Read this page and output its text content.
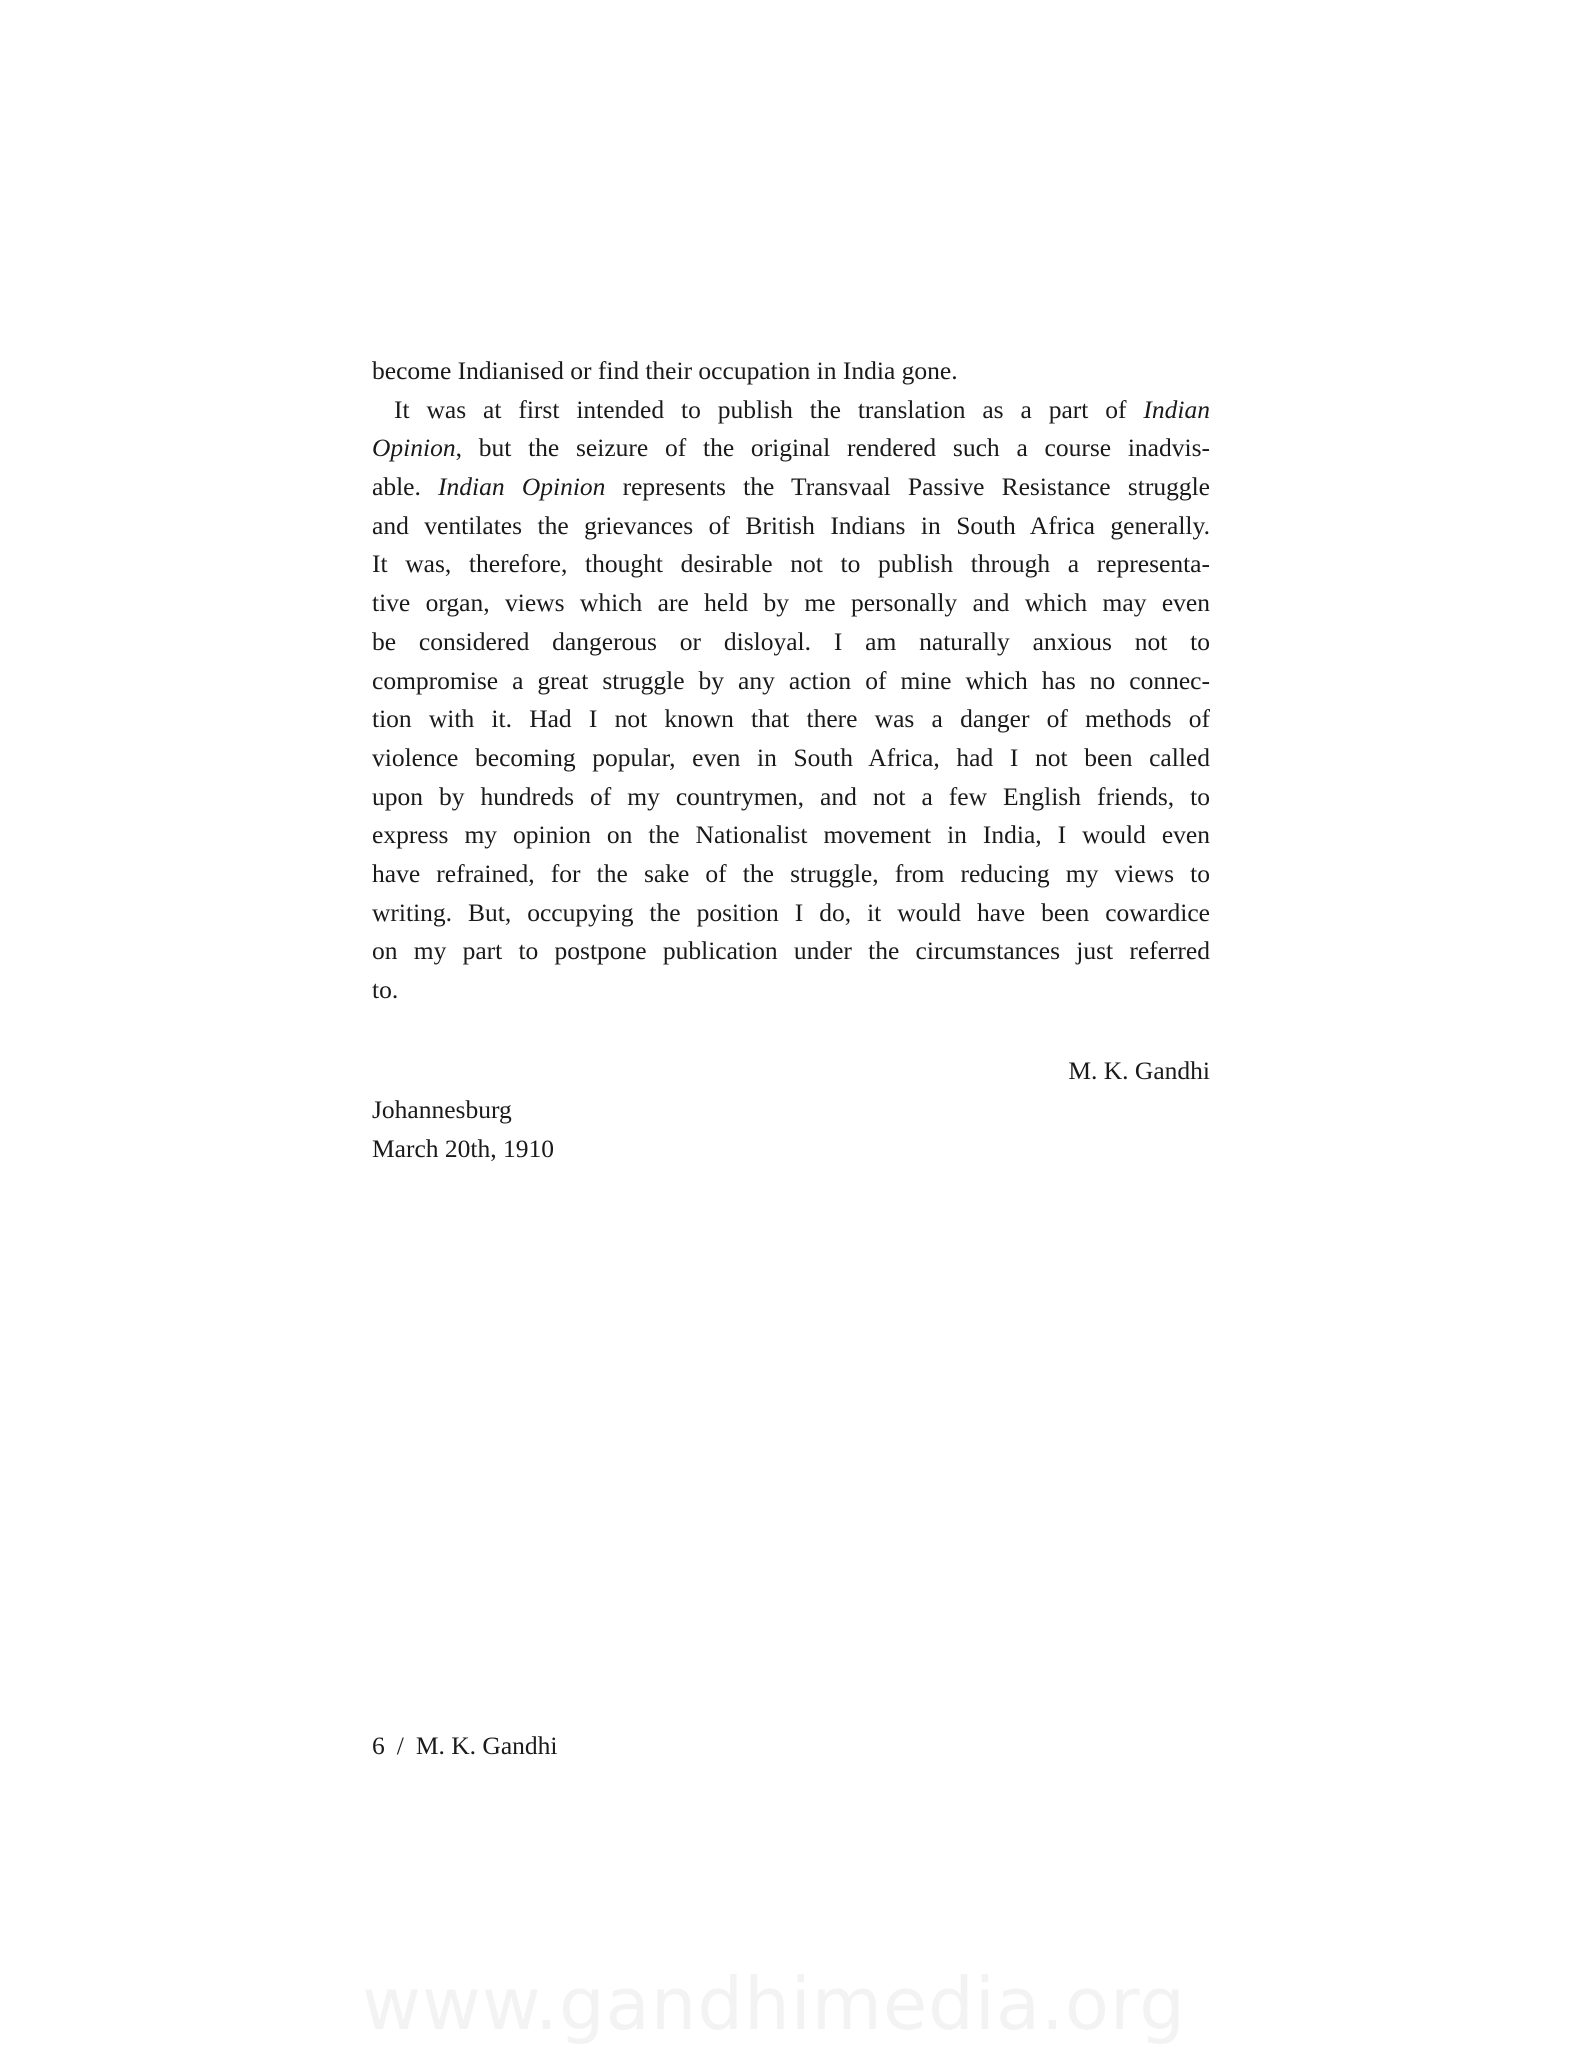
become Indianised or find their occupation in India gone.
It was at first intended to publish the translation as a part of Indian
Opinion, but the seizure of the original rendered such a course inadvis-
able. Indian Opinion represents the Transvaal Passive Resistance struggle
and ventilates the grievances of British Indians in South Africa generally.
It was, therefore, thought desirable not to publish through a representa-
tive organ, views which are held by me personally and which may even
be considered dangerous or disloyal. I am naturally anxious not to
compromise a great struggle by any action of mine which has no connec-
tion with it. Had I not known that there was a danger of methods of
violence becoming popular, even in South Africa, had I not been called
upon by hundreds of my countrymen, and not a few English friends, to
express my opinion on the Nationalist movement in India, I would even
have refrained, for the sake of the struggle, from reducing my views to
writing. But, occupying the position I do, it would have been cowardice
on my part to postpone publication under the circumstances just referred
to.
M. K. Gandhi
Johannesburg
March 20th, 1910
6 / M. K. Gandhi
www.gandhimedia.org
